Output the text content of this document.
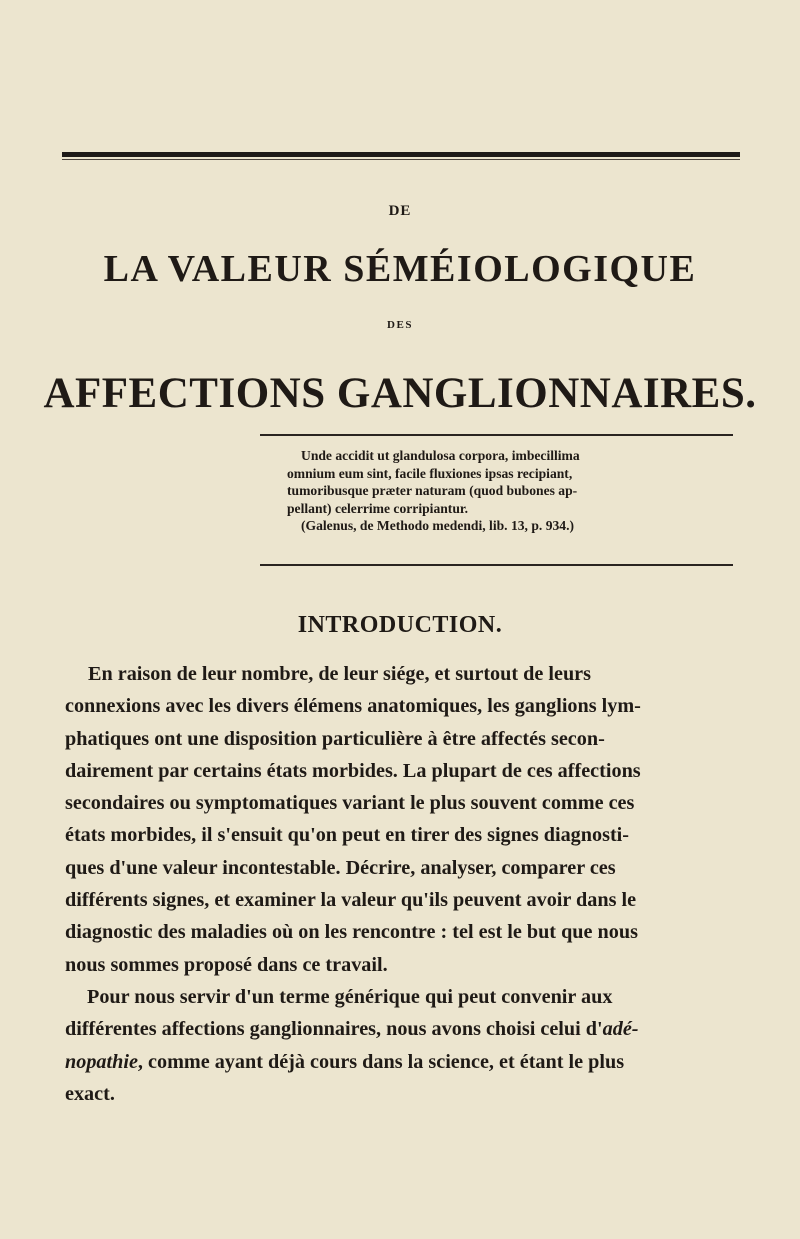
DE
LA VALEUR SÉMÉIOLOGIQUE
DES
AFFECTIONS GANGLIONNAIRES.
Unde accidit ut glandulosa corpora, imbecillima
omnium eum sint, facile fluxiones ipsas recipiant,
tumoribusque præter naturam (quod bubones ap-
pellant) celerrime corripiantur.
(Galenus, de Methodo medendi, lib. 13, p. 934.)
INTRODUCTION.
En raison de leur nombre, de leur siége, et surtout de leurs
connexions avec les divers élémens anatomiques, les ganglions lym-
phatiques ont une disposition particulière à être affectés secon-
dairement par certains états morbides. La plupart de ces affections
secondaires ou symptomatiques variant le plus souvent comme ces
états morbides, il s'ensuit qu'on peut en tirer des signes diagnosti-
ques d'une valeur incontestable. Décrire, analyser, comparer ces
différents signes, et examiner la valeur qu'ils peuvent avoir dans le
diagnostic des maladies où on les rencontre : tel est le but que nous
nous sommes proposé dans ce travail.
Pour nous servir d'un terme générique qui peut convenir aux
différentes affections ganglionnaires, nous avons choisi celui d'adé-
nopathie, comme ayant déjà cours dans la science, et étant le plus
exact.
